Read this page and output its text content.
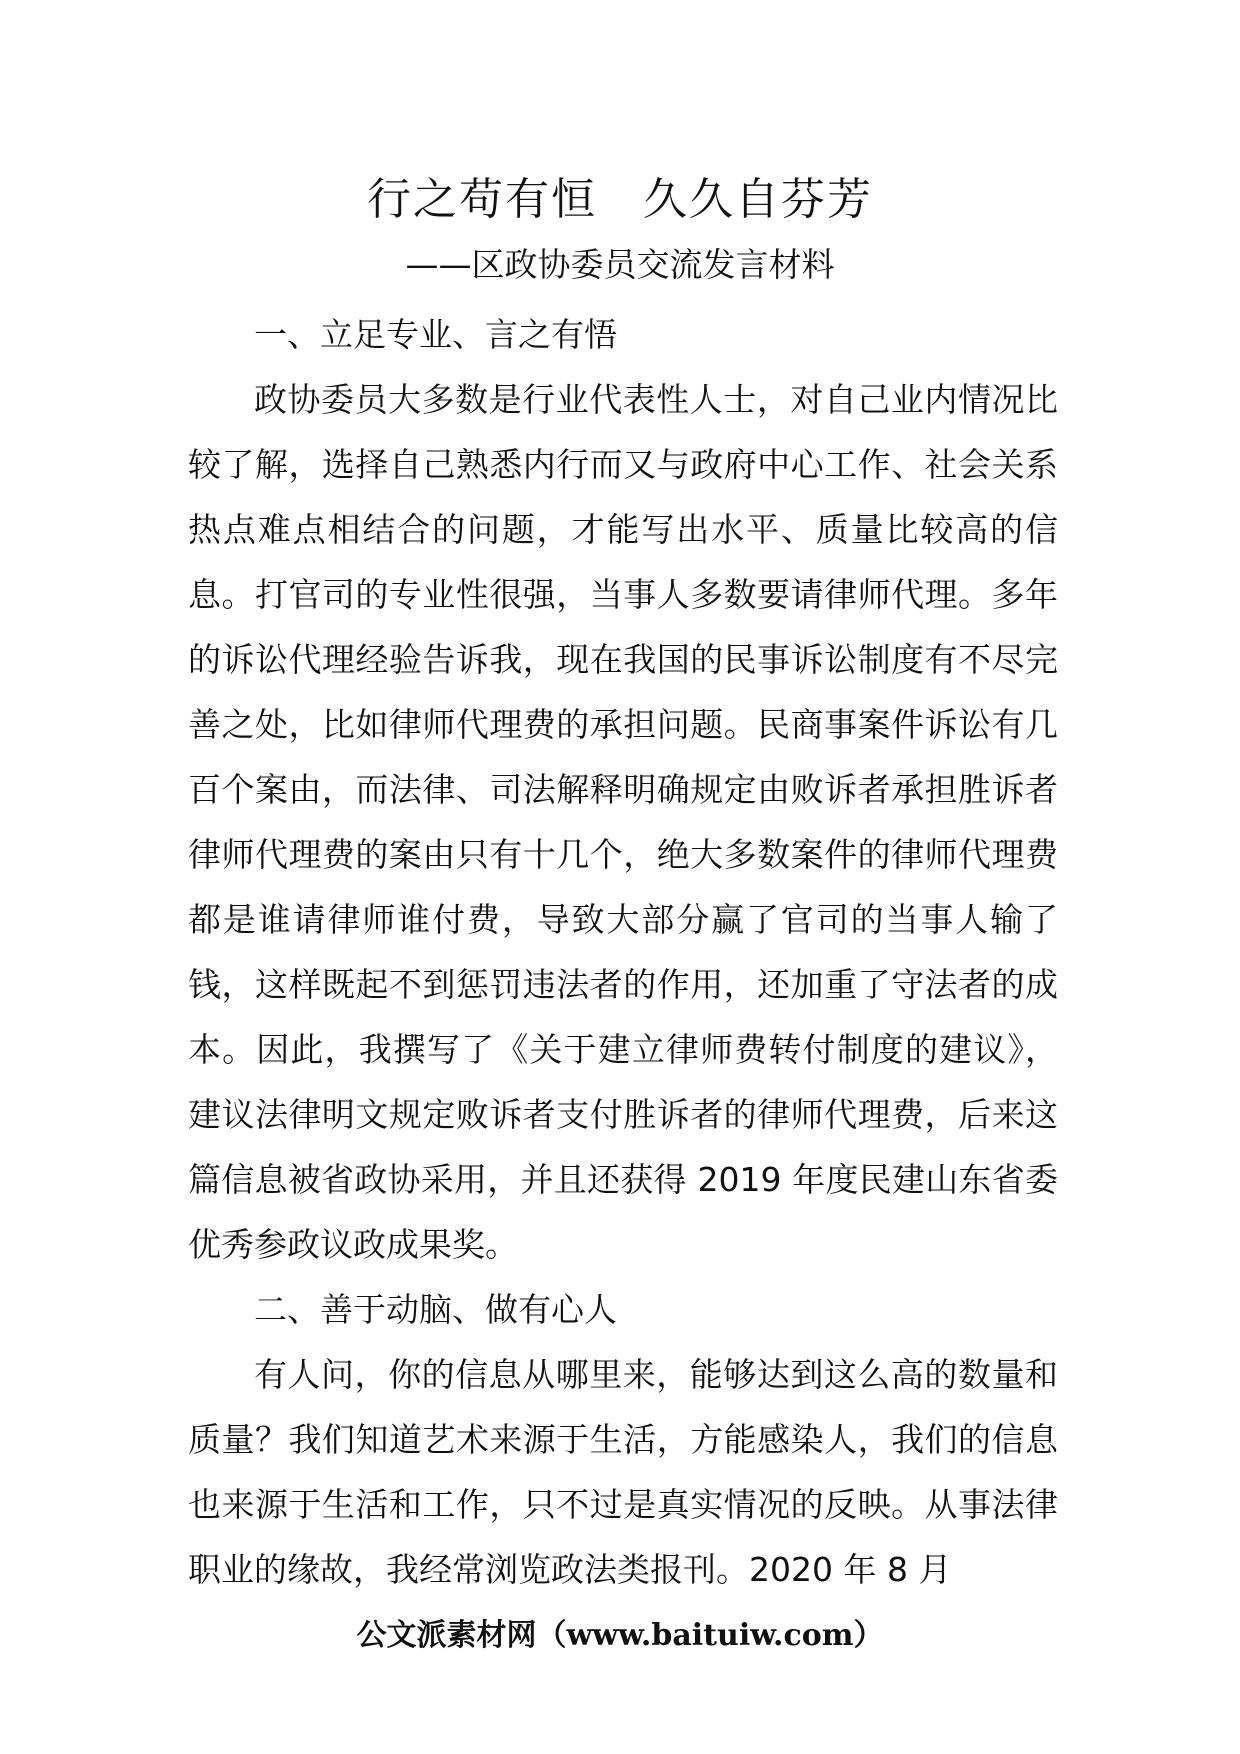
行之苟有恒　久久自芬芳
——区政协委员交流发言材料

一、立足专业、言之有悟

政协委员大多数是行业代表性人士，对自己业内情况比较了解，选择自己熟悉内行而又与政府中心工作、社会关系热点难点相结合的问题，才能写出水平、质量比较高的信息。打官司的专业性很强，当事人多数要请律师代理。多年的诉讼代理经验告诉我，现在我国的民事诉讼制度有不尽完善之处，比如律师代理费的承担问题。民商事案件诉讼有几百个案由，而法律、司法解释明确规定由败诉者承担胜诉者律师代理费的案由只有十几个，绝大多数案件的律师代理费都是谁请律师谁付费，导致大部分赢了官司的当事人输了钱，这样既起不到惩罚违法者的作用，还加重了守法者的成本。因此，我撰写了《关于建立律师费转付制度的建议》，建议法律明文规定败诉者支付胜诉者的律师代理费，后来这篇信息被省政协采用，并且还获得 2019 年度民建山东省委优秀参政议政成果奖。

二、善于动脑、做有心人

有人问，你的信息从哪里来，能够达到这么高的数量和质量？我们知道艺术来源于生活，方能感染人，我们的信息也来源于生活和工作，只不过是真实情况的反映。从事法律职业的缘故，我经常浏览政法类报刊。2020 年 8 月

公文派素材网（www.baituiw.com）
